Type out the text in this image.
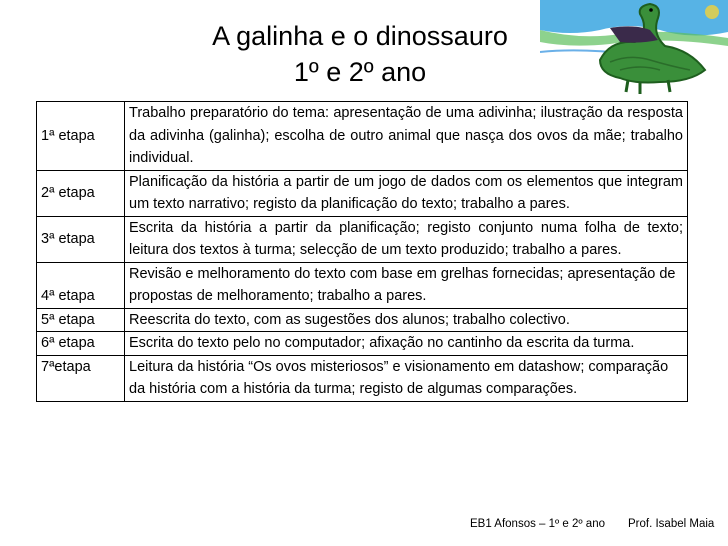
A galinha e o dinossauro
1º e 2º ano
1ª etapa	Trabalho preparatório do tema: apresentação de uma adivinha; ilustração da resposta da adivinha (galinha); escolha de outro animal que nasça dos ovos da mãe; trabalho individual.
2ª etapa	Planificação da história a partir de um jogo de dados com os elementos que integram um texto narrativo; registo da planificação do texto; trabalho a pares.
3ª etapa	Escrita da história a partir da planificação; registo conjunto numa folha de texto; leitura dos textos à turma; selecção de um texto produzido; trabalho a pares.
4ª etapa	Revisão e melhoramento do texto com base em grelhas fornecidas; apresentação de propostas de melhoramento; trabalho a pares.
5ª etapa	Reescrita do texto, com as sugestões dos alunos; trabalho colectivo.
6ª etapa	Escrita do texto pelo no computador; afixação no cantinho da escrita da turma.
7ªetapa	Leitura da história “Os ovos misteriosos” e visionamento em datashow; comparação da história com a história da turma; registo de algumas comparações.
EB1 Afonsos – 1º e 2º ano Prof. Isabel Maia
